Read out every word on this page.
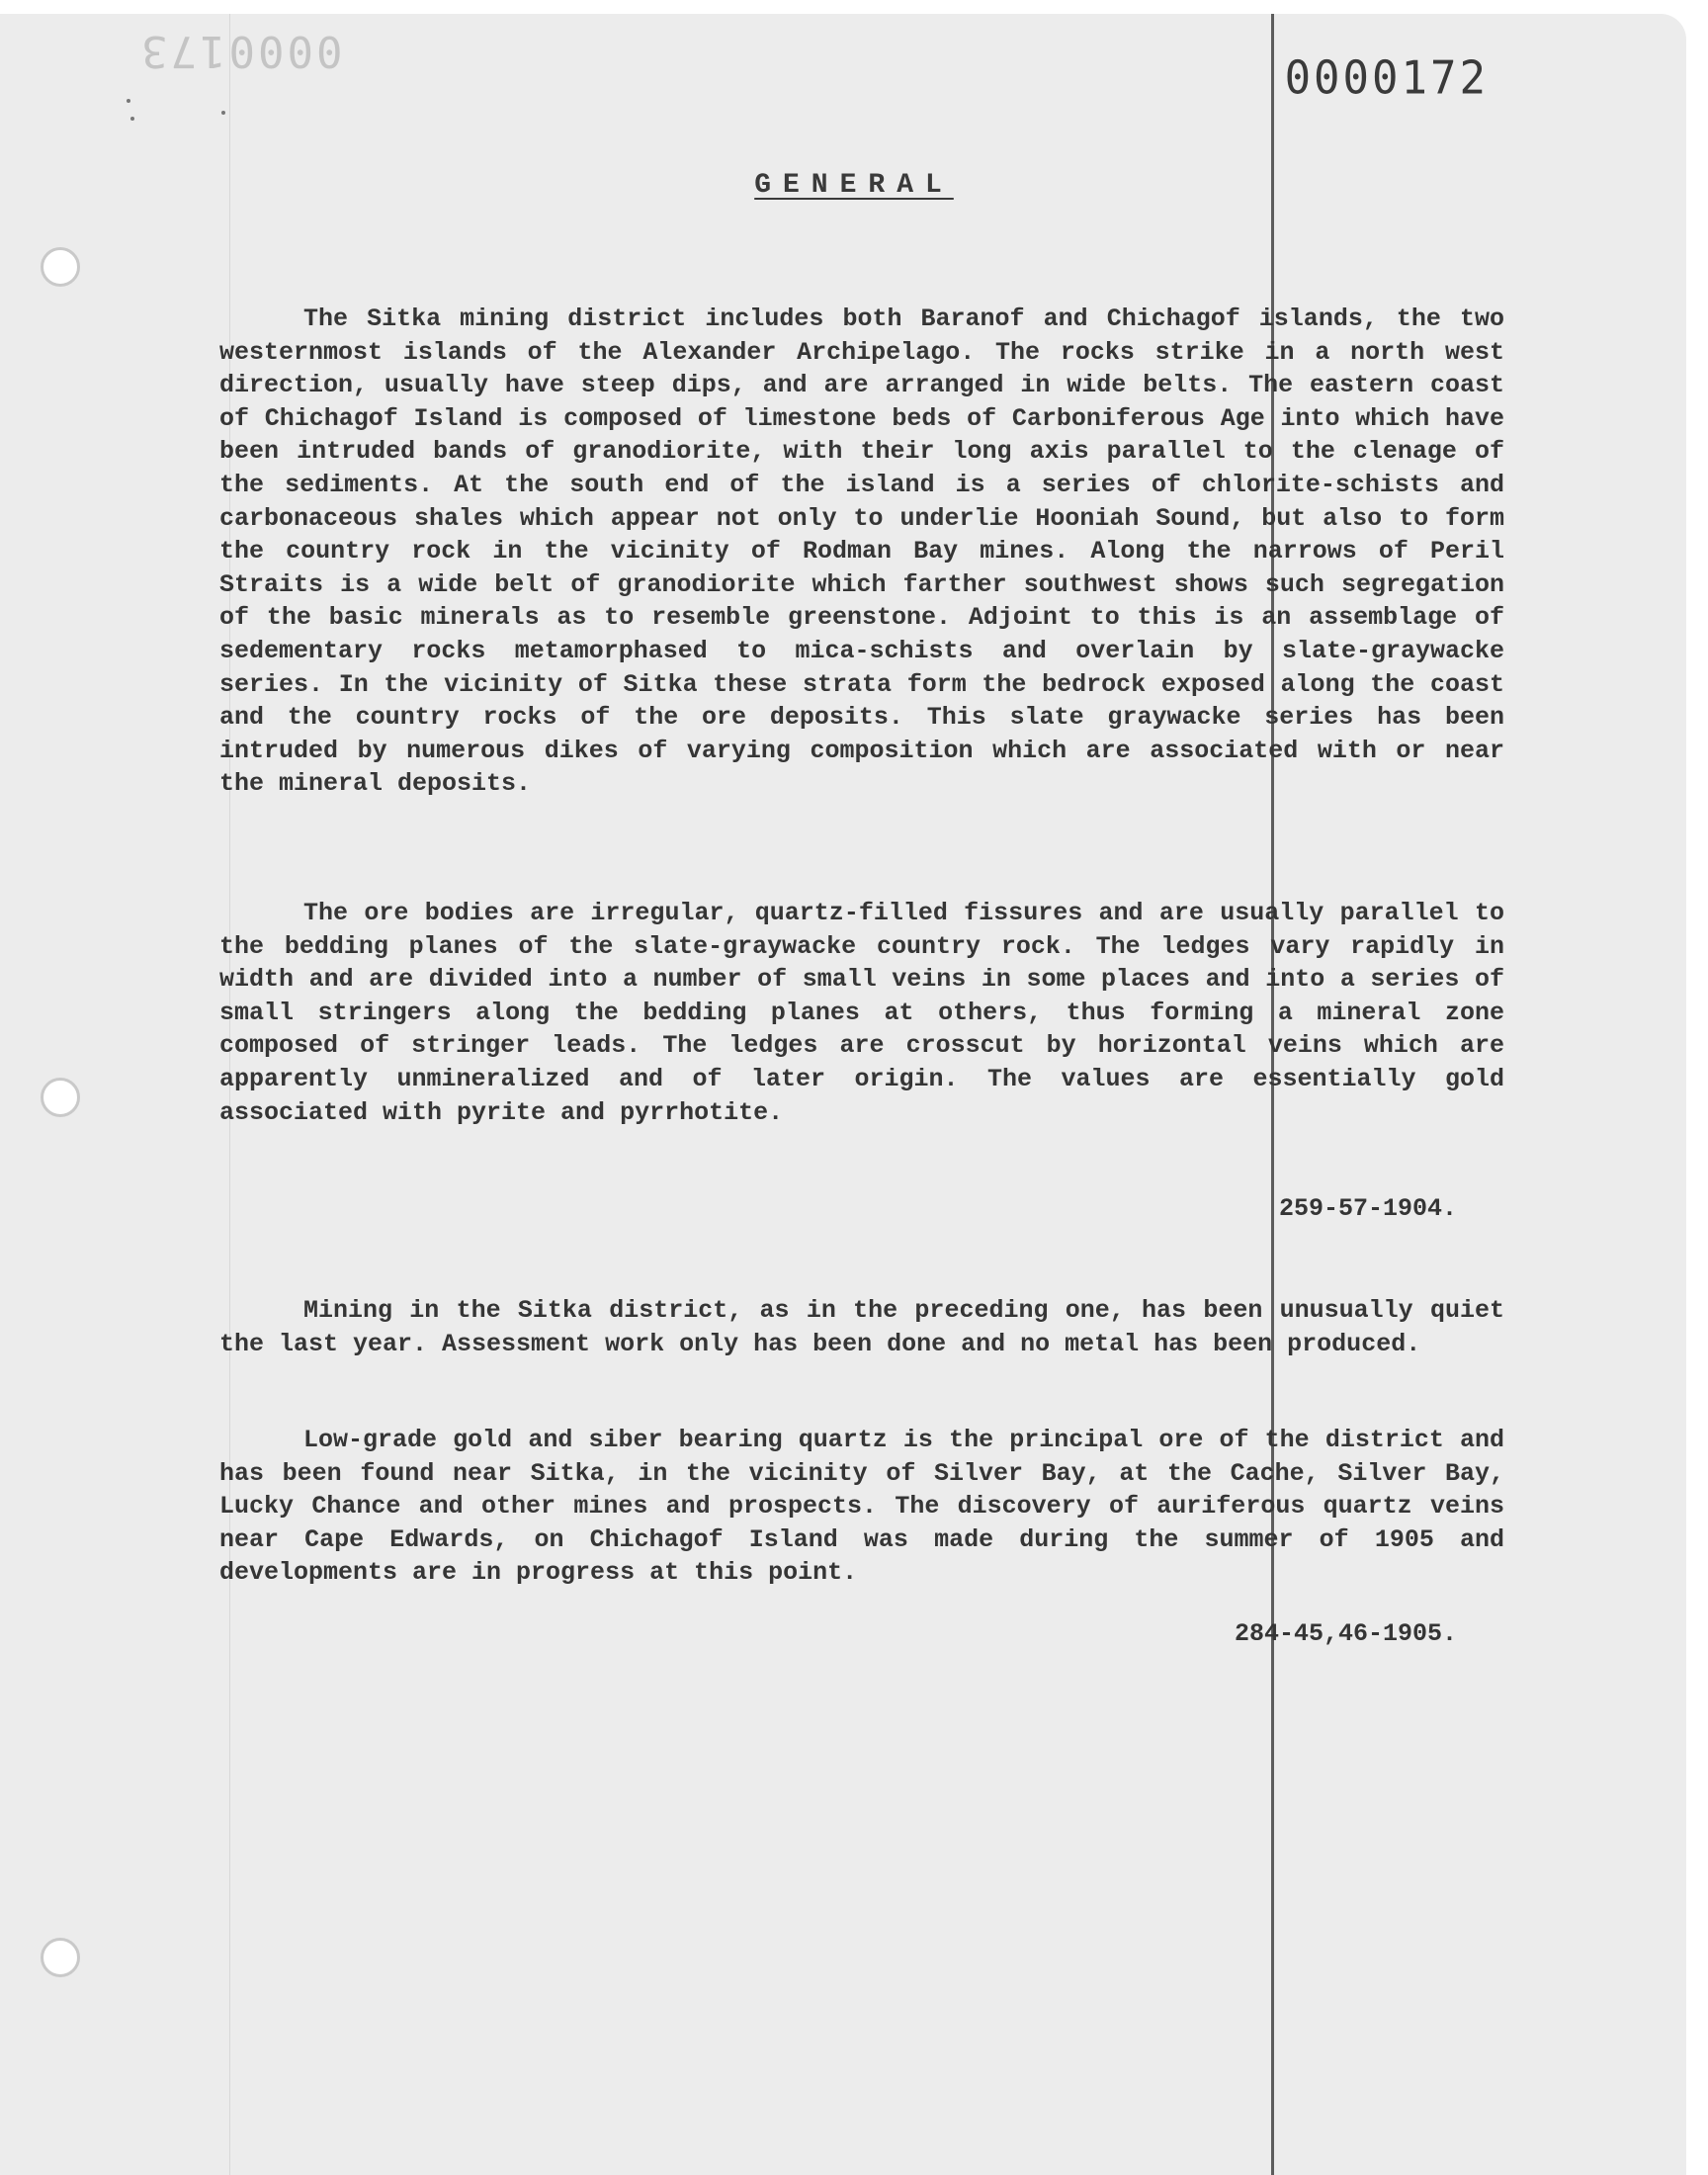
0000173
0000172
GENERAL

The Sitka mining district includes both Baranof and Chichagof islands, the two westernmost islands of the Alexander Archipelago. The rocks strike in a north west direction, usually have steep dips, and are arranged in wide belts. The eastern coast of Chichagof Island is composed of limestone beds of Carboniferous Age into which have been intruded bands of granodiorite, with their long axis parallel to the clenage of the sediments. At the south end of the island is a series of chlorite-schists and carbonaceous shales which appear not only to underlie Hooniah Sound, but also to form the country rock in the vicinity of Rodman Bay mines. Along the narrows of Peril Straits is a wide belt of granodiorite which farther southwest shows such segregation of the basic minerals as to resemble greenstone. Adjoint to this is an assemblage of sedementary rocks metamorphased to mica-schists and overlain by slate-graywacke series. In the vicinity of Sitka these strata form the bedrock exposed along the coast and the country rocks of the ore deposits. This slate graywacke series has been intruded by numerous dikes of varying composition which are associated with or near the mineral deposits.

The ore bodies are irregular, quartz-filled fissures and are usually parallel to the bedding planes of the slate-graywacke country rock. The ledges vary rapidly in width and are divided into a number of small veins in some places and into a series of small stringers along the bedding planes at others, thus forming a mineral zone composed of stringer leads. The ledges are crosscut by horizontal veins which are apparently unmineralized and of later origin. The values are essentially gold associated with pyrite and pyrrhotite.

259-57-1904.

Mining in the Sitka district, as in the preceding one, has been unusually quiet the last year. Assessment work only has been done and no metal has been produced.

Low-grade gold and siber bearing quartz is the principal ore of the district and has been found near Sitka, in the vicinity of Silver Bay, at the Cache, Silver Bay, Lucky Chance and other mines and prospects. The discovery of auriferous quartz veins near Cape Edwards, on Chichagof Island was made during the summer of 1905 and developments are in progress at this point.

284-45,46-1905.
